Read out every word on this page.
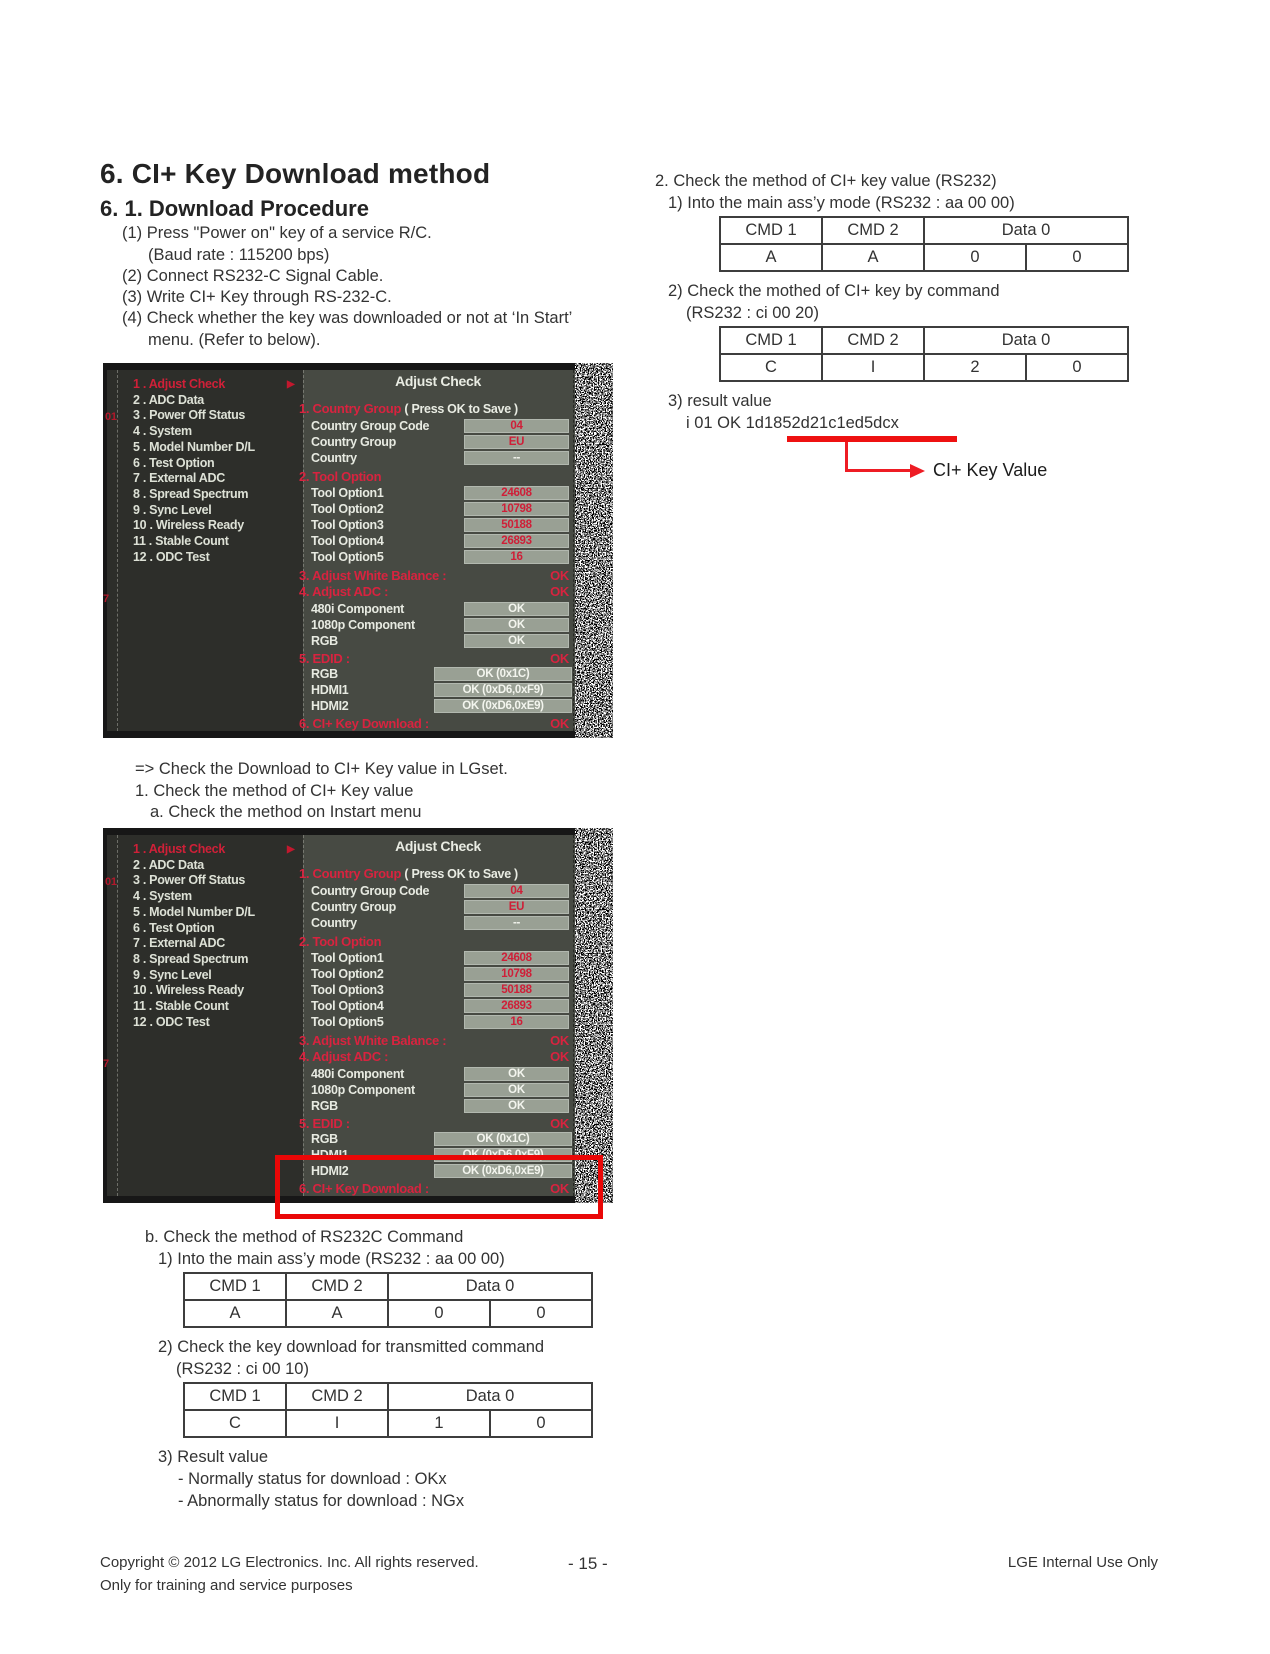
6. CI+ Key Download method
6. 1. Download Procedure
(1) Press "Power on" key of a service R/C.
(Baud rate : 115200 bps)
(2) Connect RS232-C Signal Cable.
(3) Write CI+ Key through RS-232-C.
(4) Check whether the key was downloaded or not at ‘In Start’
menu. (Refer to below).
Adjust Check
▶
01
7
1 . Adjust Check
2 . ADC Data
3 . Power Off Status
4 . System
5 . Model Number D/L
6 . Test Option
7 . External ADC
8 . Spread Spectrum
9 . Sync Level
10 . Wireless Ready
11 . Stable Count
12 . ODC Test
1. Country Group ( Press OK to Save )
Country Group Code	04
Country Group	EU
Country	--
2. Tool Option
Tool Option1	24608
Tool Option2	10798
Tool Option3	50188
Tool Option4	26893
Tool Option5	16
3. Adjust White Balance :	OK
4. Adjust ADC :	OK
480i Component	OK
1080p Component	OK
RGB	OK
5. EDID :	OK
RGB	OK (0x1C)
HDMI1	OK (0xD6,0xF9)
HDMI2	OK (0xD6,0xE9)
6. CI+ Key Download :	OK
=> Check the Download to CI+ Key value in LGset.
1. Check the method of CI+ Key value
a. Check the method on Instart menu
Adjust Check
▶
01
7
1 . Adjust Check
2 . ADC Data
3 . Power Off Status
4 . System
5 . Model Number D/L
6 . Test Option
7 . External ADC
8 . Spread Spectrum
9 . Sync Level
10 . Wireless Ready
11 . Stable Count
12 . ODC Test
1. Country Group ( Press OK to Save )
Country Group Code	04
Country Group	EU
Country	--
2. Tool Option
Tool Option1	24608
Tool Option2	10798
Tool Option3	50188
Tool Option4	26893
Tool Option5	16
3. Adjust White Balance :	OK
4. Adjust ADC :	OK
480i Component	OK
1080p Component	OK
RGB	OK
5. EDID :	OK
RGB	OK (0x1C)
HDMI1	OK (0xD6,0xF9)
HDMI2	OK (0xD6,0xE9)
6. CI+ Key Download :	OK
b. Check the method of RS232C Command
1) Into the main ass’y mode (RS232 : aa 00 00)
CMD 1	CMD 2	Data 0	
A	A	0	0
2) Check the key download for transmitted command
(RS232 : ci 00 10)
CMD 1	CMD 2	Data 0	
C	I	1	0
3) Result value
- Normally status for download : OKx
- Abnormally status for download : NGx
2. Check the method of CI+ key value (RS232)
1) Into the main ass’y mode (RS232 : aa 00 00)
CMD 1	CMD 2	Data 0	
A	A	0	0
2) Check the mothed of CI+ key by command
(RS232 : ci 00 20)
CMD 1	CMD 2	Data 0	
C	I	2	0
3) result value
i 01 OK 1d1852d21c1ed5dcx
CI+ Key Value
Copyright © 2012 LG Electronics. Inc. All rights reserved.
Only for training and service purposes
- 15 -	LGE Internal Use Only
